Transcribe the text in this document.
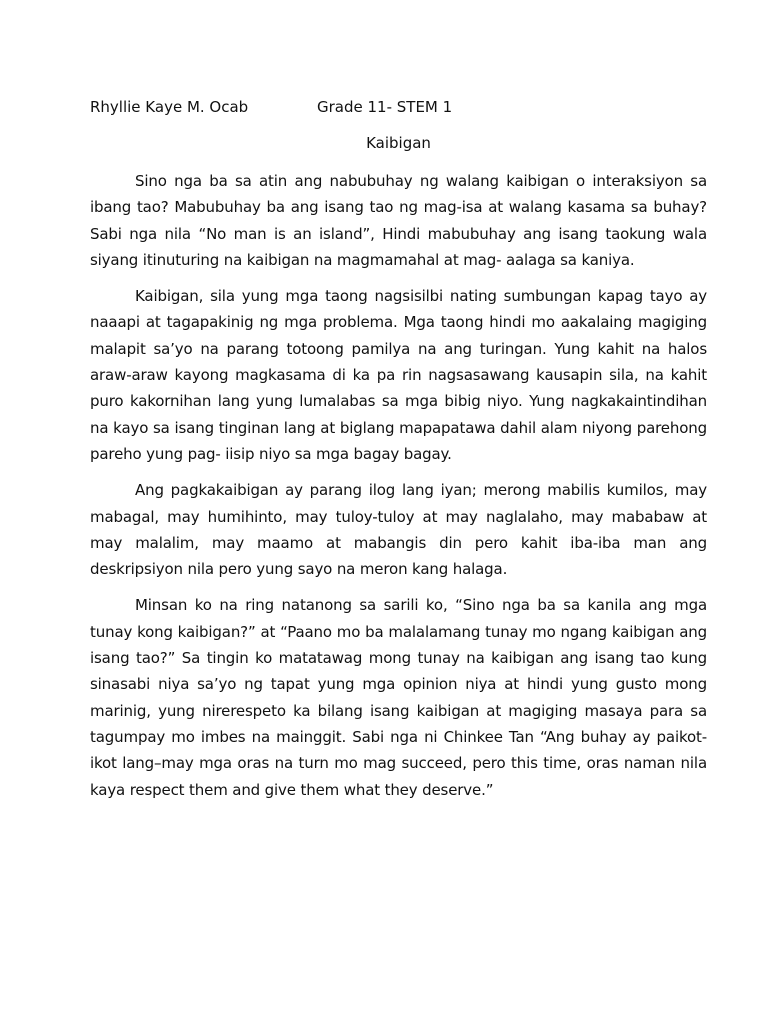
Rhyllie Kaye M. Ocab	Grade 11- STEM 1
Kaibigan

Sino nga ba sa atin ang nabubuhay ng walang kaibigan o interaksiyon sa ibang tao? Mabubuhay ba ang isang tao ng mag-isa at walang kasama sa buhay? Sabi nga nila “No man is an island”, Hindi mabubuhay ang isang taokung wala siyang itinuturing na kaibigan na magmamahal at mag- aalaga sa kaniya.

Kaibigan, sila yung mga taong nagsisilbi nating sumbungan kapag tayo ay naaapi at tagapakinig ng mga problema. Mga taong hindi mo aakalaing magiging malapit sa’yo na parang totoong pamilya na ang turingan. Yung kahit na halos araw-araw kayong magkasama di ka pa rin nagsasawang kausapin sila, na kahit puro kakornihan lang yung lumalabas sa mga bibig niyo. Yung nagkakaintindihan na kayo sa isang tinginan lang at biglang mapapatawa dahil alam niyong parehong pareho yung pag- iisip niyo sa mga bagay bagay.

Ang pagkakaibigan ay parang ilog lang iyan; merong mabilis kumilos, may mabagal, may humihinto, may tuloy-tuloy at may naglalaho, may mababaw at may malalim, may maamo at mabangis din pero kahit iba-iba man ang deskripsiyon nila pero yung sayo na meron kang halaga.

Minsan ko na ring natanong sa sarili ko, “Sino nga ba sa kanila ang mga tunay kong kaibigan?” at “Paano mo ba malalamang tunay mo ngang kaibigan ang isang tao?” Sa tingin ko matatawag mong tunay na kaibigan ang isang tao kung sinasabi niya sa’yo ng tapat yung mga opinion niya at hindi yung gusto mong marinig, yung nirerespeto ka bilang isang kaibigan at magiging masaya para sa tagumpay mo imbes na mainggit. Sabi nga ni Chinkee Tan “Ang buhay ay paikot-ikot lang–may mga oras na turn mo mag succeed, pero this time, oras naman nila kaya respect them and give them what they deserve.”
